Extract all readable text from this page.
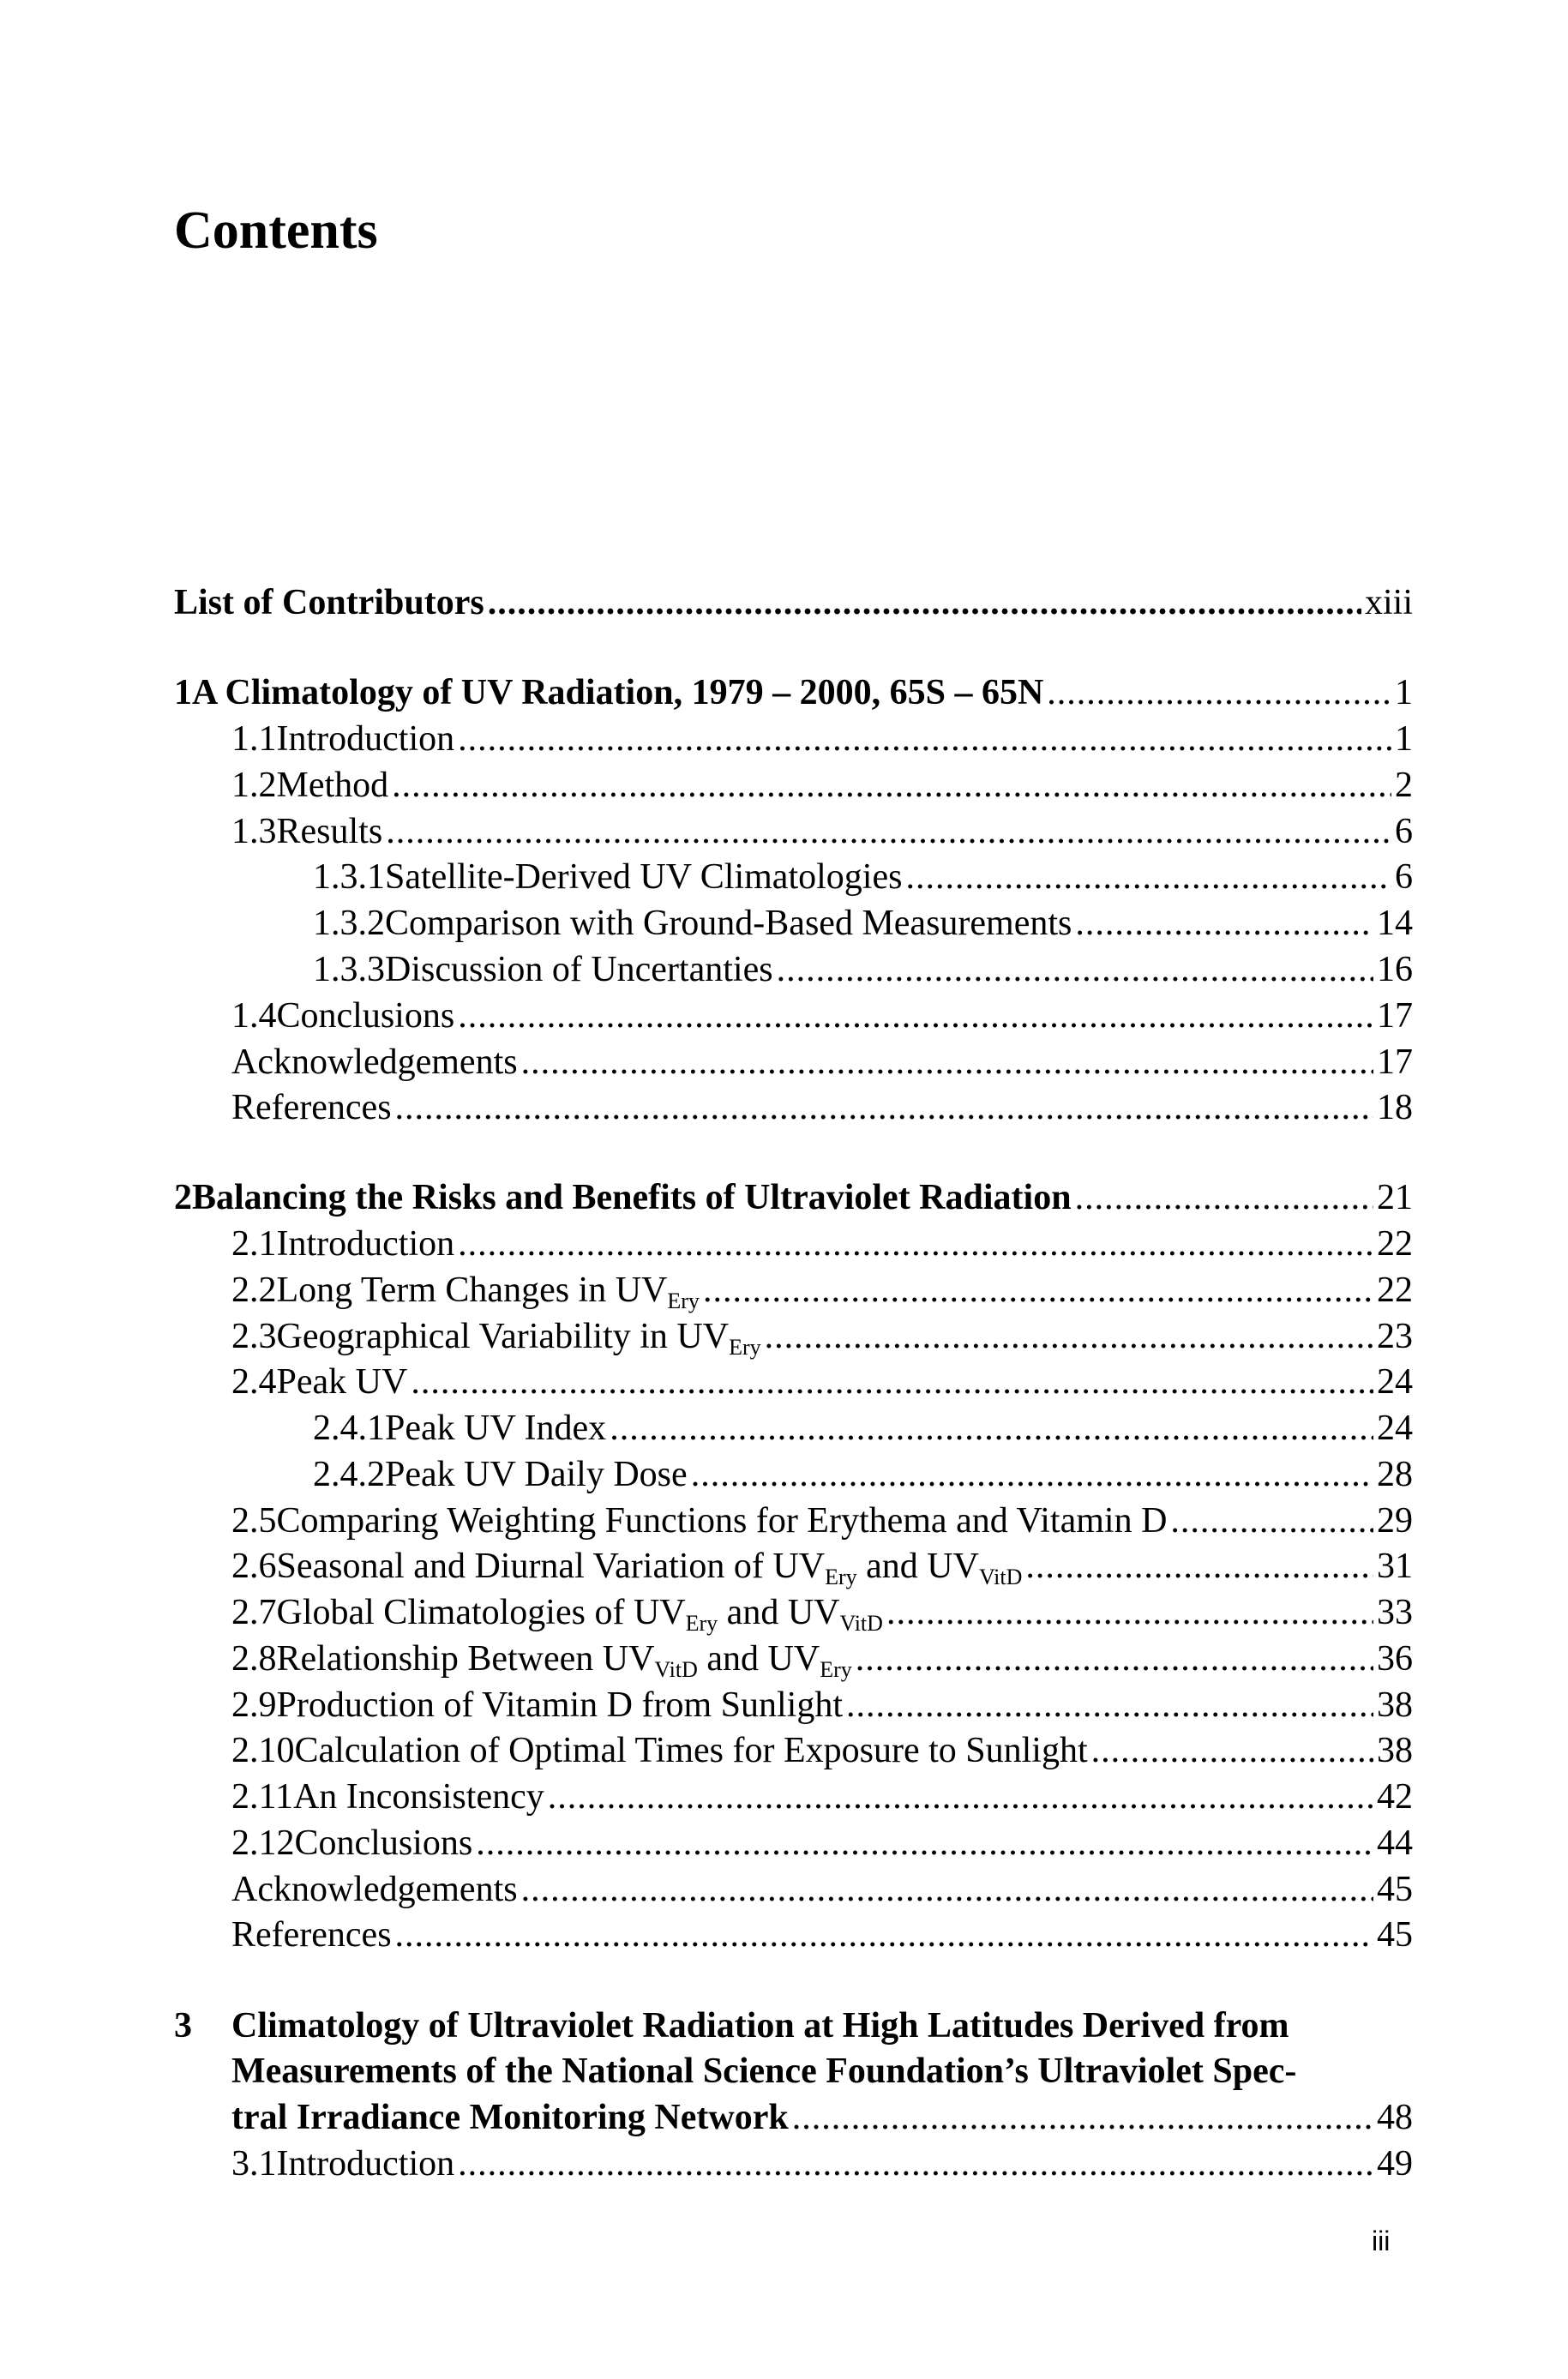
Contents
List of Contributors .....	xiii
1 A Climatology of UV Radiation, 1979 – 2000, 65S – 65N .....	1
1.1 Introduction .....	1
1.2 Method .....	2
1.3 Results .....	6
1.3.1 Satellite-Derived UV Climatologies .....	6
1.3.2 Comparison with Ground-Based Measurements .....	14
1.3.3 Discussion of Uncertanties .....	16
1.4 Conclusions .....	17
Acknowledgements .....	17
References .....	18
2 Balancing the Risks and Benefits of Ultraviolet Radiation .....	21
2.1 Introduction .....	22
2.2 Long Term Changes in $UV_{Ery}$ .....	22
2.3 Geographical Variability in $UV_{Ery}$ .....	23
2.4 Peak UV .....	24
2.4.1 Peak UV Index .....	24
2.4.2 Peak UV Daily Dose .....	28
2.5 Comparing Weighting Functions for Erythema and Vitamin D .....	29
2.6 Seasonal and Diurnal Variation of $UV_{Ery}$ and $UV_{VitD}$ .....	31
2.7 Global Climatologies of $UV_{Ery}$ and $UV_{VitD}$ .....	33
2.8 Relationship Between $UV_{VitD}$ and $UV_{Ery}$ .....	36
2.9 Production of Vitamin D from Sunlight .....	38
2.10 Calculation of Optimal Times for Exposure to Sunlight .....	38
2.11 An Inconsistency .....	42
2.12 Conclusions .....	44
Acknowledgements .....	45
References .....	45
3 Climatology of Ultraviolet Radiation at High Latitudes Derived from
Measurements of the National Science Foundation’s Ultraviolet Spec-
tral Irradiance Monitoring Network .....	48
3.1 Introduction .....	49
iii
